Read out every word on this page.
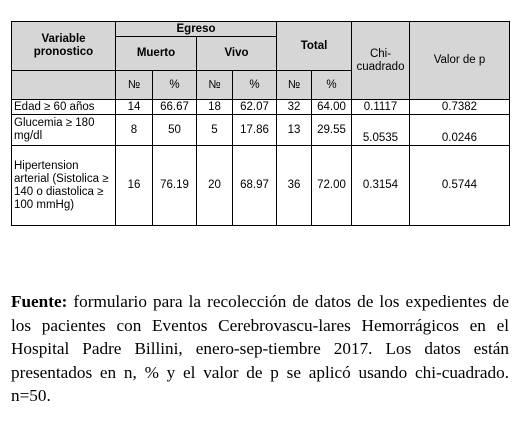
Variable pronostico	Egreso				Total		Chi-cuadrado	Valor de p
	Muerto		Vivo					
	№	%	№	%	№	%		
Edad ≥ 60 años	14	66.67	18	62.07	32	64.00	0.1117	0.7382
Glucemia ≥ 180 mg/dl	8	50	5	17.86	13	29.55	5.0535	0.0246
Hipertension arterial (Sistolica ≥ 140 o diastolica ≥ 100 mmHg)	16	76.19	20	68.97	36	72.00	0.3154	0.5744

Fuente: formulario para la recolección de datos de los expedientes de los pacientes con Eventos Cerebrovascu-lares Hemorrágicos en el Hospital Padre Billini, enero-sep-tiembre 2017. Los datos están presentados en n, % y el valor de p se aplicó usando chi-cuadrado. n=50.
